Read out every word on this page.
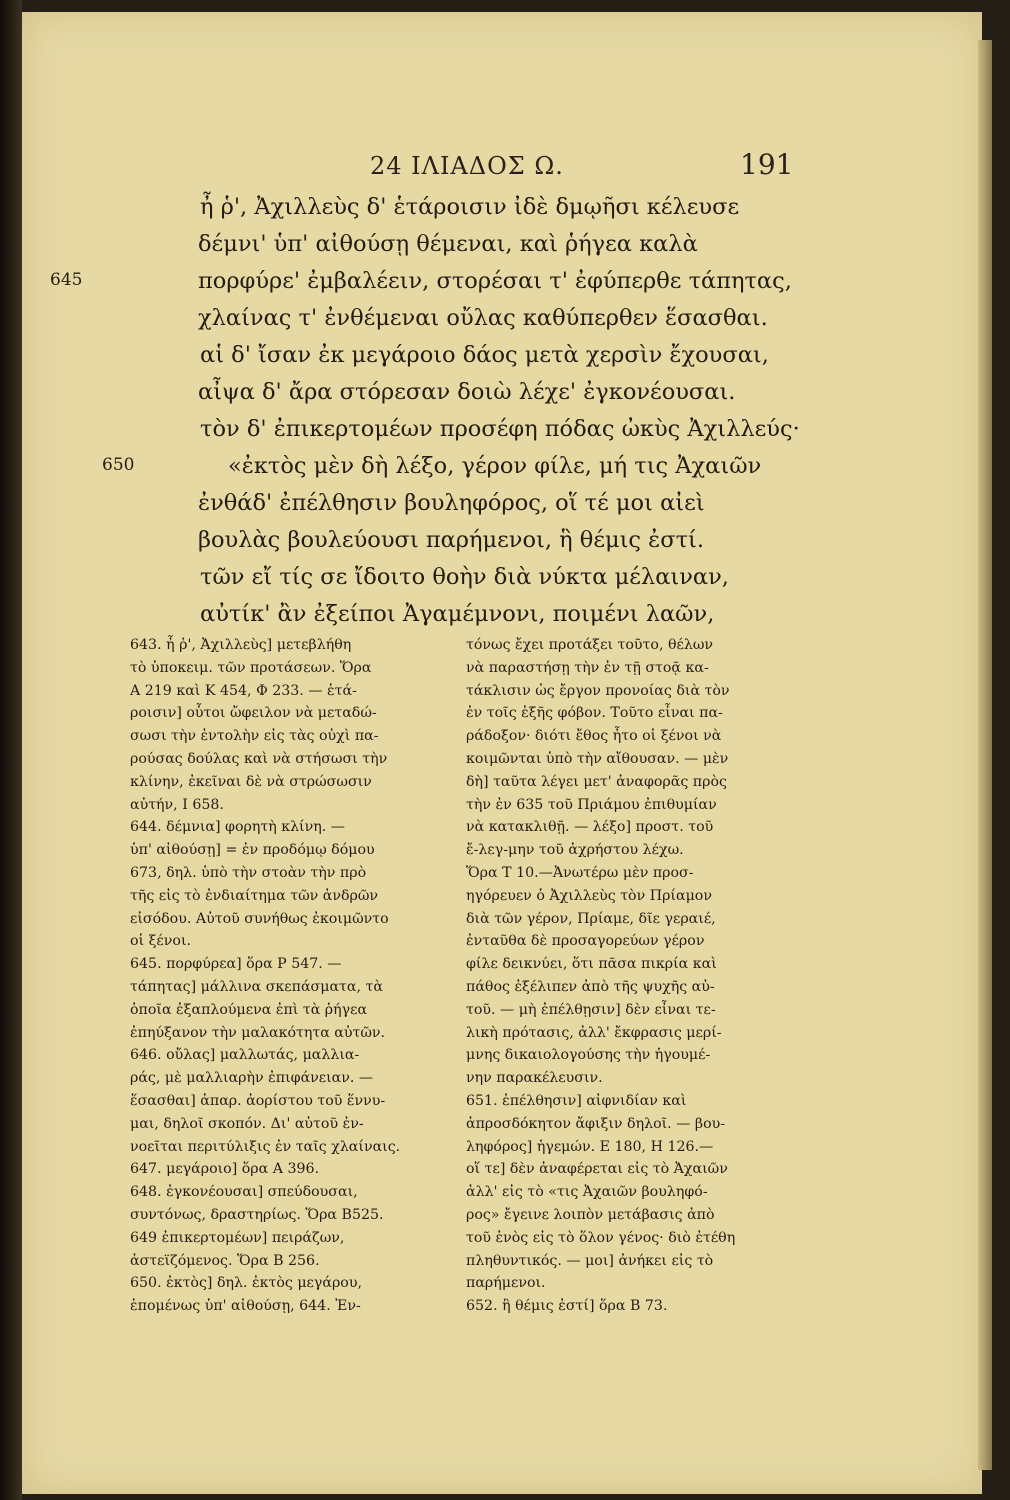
24 ΙΛΙΑΔΟΣ Ω.	191
ἦ ῥ', Ἀχιλλεὺς δ' ἑτάροισιν ἰδὲ δμῳῆσι κέλευσε
δέμνι' ὑπ' αἰθούσῃ θέμεναι, καὶ ῥήγεα καλὰ
645	πορφύρε' ἐμβαλέειν, στορέσαι τ' ἐφύπερθε τάπητας,
χλαίνας τ' ἐνθέμεναι οὔλας καθύπερθεν ἕσασθαι.
αἱ δ' ἴσαν ἐκ μεγάροιο δάος μετὰ χερσὶν ἔχουσαι,
αἶψα δ' ἄρα στόρεσαν δοιὼ λέχε' ἐγκονέουσαι.
τὸν δ' ἐπικερτομέων προσέφη πόδας ὠκὺς Ἀχιλλεύς·
650	«ἐκτὸς μὲν δὴ λέξο, γέρον φίλε, μή τις Ἀχαιῶν
ἐνθάδ' ἐπέλθησιν βουληφόρος, οἵ τέ μοι αἰεὶ
βουλὰς βουλεύουσι παρήμενοι, ἣ θέμις ἐστί.
τῶν εἴ τίς σε ἴδοιτο θοὴν διὰ νύκτα μέλαιναν,
αὐτίκ' ἂν ἐξείποι Ἀγαμέμνονι, ποιμένι λαῶν,
643. ἦ ῥ', Ἀχιλλεὺς] μετεβλήθη
τὸ ὑποκειμ. τῶν προτάσεων. Ὅρα
Α 219 καὶ Κ 454, Φ 233. — ἑτά-
ροισιν] οὗτοι ὤφειλον νὰ μεταδώ-
σωσι τὴν ἐντολὴν εἰς τὰς οὐχὶ πα-
ρούσας δούλας καὶ νὰ στήσωσι τὴν
κλίνην, ἐκεῖναι δὲ νὰ στρώσωσιν
αὐτήν, Ι 658.
644. δέμνια] φορητὴ κλίνη. —
ὑπ' αἰθούσῃ] = ἐν προδόμῳ δόμου
673, δηλ. ὑπὸ τὴν στοὰν τὴν πρὸ
τῆς εἰς τὸ ἐνδιαίτημα τῶν ἀνδρῶν
εἰσόδου. Αὐτοῦ συνήθως ἐκοιμῶντο
οἱ ξένοι.
645. πορφύρεα] ὅρα Ρ 547. —
τάπητας] μάλλινα σκεπάσματα, τὰ
ὁποῖα ἐξαπλούμενα ἐπὶ τὰ ῥήγεα
ἐπηύξανον τὴν μαλακότητα αὐτῶν.
646. οὔλας] μαλλωτάς, μαλλια-
ράς, μὲ μαλλιαρὴν ἐπιφάνειαν. —
ἕσασθαι] ἀπαρ. ἀορίστου τοῦ ἕννυ-
μαι, δηλοῖ σκοπόν. Δι' αὐτοῦ ἐν-
νοεῖται περιτύλιξις ἐν ταῖς χλαίναις.
647. μεγάροιο] ὅρα Α 396.
648. ἐγκονέουσαι] σπεύδουσαι,
συντόνως, δραστηρίως. Ὅρα Β525.
649 ἐπικερτομέων] πειράζων,
ἀστεϊζόμενος. Ὅρα Β 256.
650. ἐκτὸς] δηλ. ἐκτὸς μεγάρου,
ἑπομένως ὑπ' αἰθούσῃ, 644. Ἐν-
τόνως ἔχει προτάξει τοῦτο, θέλων
νὰ παραστήσῃ τὴν ἐν τῇ στοᾷ κα-
τάκλισιν ὡς ἔργον προνοίας διὰ τὸν
ἐν τοῖς ἑξῆς φόβον. Τοῦτο εἶναι πα-
ράδοξον· διότι ἔθος ἦτο οἱ ξένοι νὰ
κοιμῶνται ὑπὸ τὴν αἴθουσαν. — μὲν
δὴ] ταῦτα λέγει μετ' ἀναφορᾶς πρὸς
τὴν ἐν 635 τοῦ Πριάμου ἐπιθυμίαν
νὰ κατακλιθῇ. — λέξο] προστ. τοῦ
ἔ-λεγ-μην τοῦ ἀχρήστου λέχω.
Ὅρα Τ 10.—Ἀνωτέρω μὲν προσ-
ηγόρευεν ὁ Ἀχιλλεὺς τὸν Πρίαμον
διὰ τῶν γέρον, Πρίαμε, δῖε γεραιέ,
ἐνταῦθα δὲ προσαγορεύων γέρον
φίλε δεικνύει, ὅτι πᾶσα πικρία καὶ
πάθος ἐξέλιπεν ἀπὸ τῆς ψυχῆς αὐ-
τοῦ. — μὴ ἐπέλθῃσιν] δὲν εἶναι τε-
λικὴ πρότασις, ἀλλ' ἔκφρασις μερί-
μνης δικαιολογούσης τὴν ἡγουμέ-
νην παρακέλευσιν.
651. ἐπέλθησιν] αἰφνιδίαν καὶ
ἀπροσδόκητον ἄφιξιν δηλοῖ. — βου-
ληφόρος] ἡγεμών. Ε 180, Η 126.—
οἵ τε] δὲν ἀναφέρεται εἰς τὸ Ἀχαιῶν
ἀλλ' εἰς τὸ «τις Ἀχαιῶν βουληφό-
ρος» ἔγεινε λοιπὸν μετάβασις ἀπὸ
τοῦ ἑνὸς εἰς τὸ ὅλον γένος· διὸ ἐτέθη
πληθυντικός. — μοι] ἀνήκει εἰς τὸ
παρήμενοι.
652. ἣ θέμις ἐστί] ὅρα Β 73.
